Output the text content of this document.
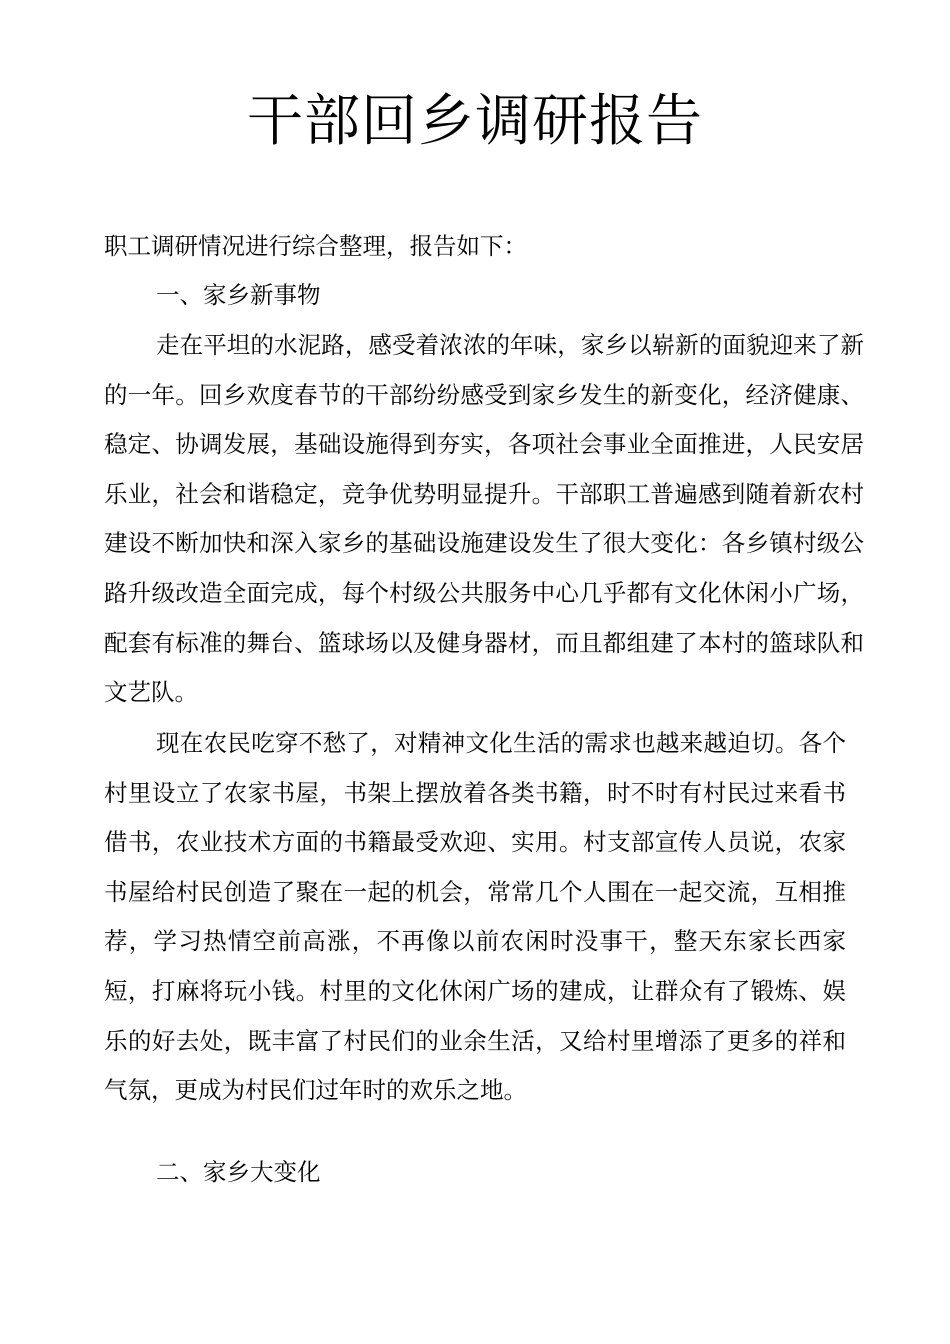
干部回乡调研报告
职工调研情况进行综合整理，报告如下：
一、家乡新事物
走在平坦的水泥路，感受着浓浓的年味，家乡以崭新的面貌迎来了新的一年。回乡欢度春节的干部纷纷感受到家乡发生的新变化，经济健康、稳定、协调发展，基础设施得到夯实，各项社会事业全面推进，人民安居乐业，社会和谐稳定，竞争优势明显提升。干部职工普遍感到随着新农村建设不断加快和深入家乡的基础设施建设发生了很大变化：各乡镇村级公路升级改造全面完成，每个村级公共服务中心几乎都有文化休闲小广场，配套有标准的舞台、篮球场以及健身器材，而且都组建了本村的篮球队和文艺队。
现在农民吃穿不愁了，对精神文化生活的需求也越来越迫切。各个村里设立了农家书屋，书架上摆放着各类书籍，时不时有村民过来看书借书，农业技术方面的书籍最受欢迎、实用。村支部宣传人员说，农家书屋给村民创造了聚在一起的机会，常常几个人围在一起交流，互相推荐，学习热情空前高涨，不再像以前农闲时没事干，整天东家长西家短，打麻将玩小钱。村里的文化休闲广场的建成，让群众有了锻炼、娱乐的好去处，既丰富了村民们的业余生活，又给村里增添了更多的祥和气氛，更成为村民们过年时的欢乐之地。
二、家乡大变化
